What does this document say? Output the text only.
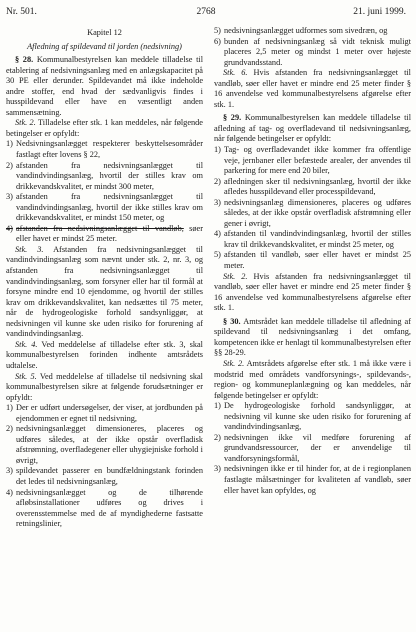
Nr. 501.	2768	21. juni 1999.

Kapitel 12

Afledning af spildevand til jorden (nedsivning)

§ 28. Kommunalbestyrelsen kan meddele tilladelse til etablering af nedsivningsanlæg med en anlægskapacitet på 30 PE eller derunder. Spildevandet må ikke indeholde andre stoffer, end hvad der sædvanligvis findes i husspildevand eller have en væsentligt anden sammensætning.

Stk. 2. Tilladelse efter stk. 1 kan meddeles, når følgende betingelser er opfyldt:

1) Nedsivningsanlægget respekterer beskyttelsesområder fastlagt efter lovens § 22,
2) afstanden fra nedsivningsanlægget til vandindvindingsanlæg, hvortil der stilles krav om drikkevandskvalitet, er mindst 300 meter,
3) afstanden fra nedsivningsanlægget til vandindvindingsanlæg, hvortil der ikke stilles krav om drikkevandskvalitet, er mindst 150 meter, og
4) afstanden fra nedsivningsanlægget til vandløb, søer eller havet er mindst 25 meter.

Stk. 3. Afstanden fra nedsivningsanlægget til vandindvindingsanlæg som nævnt under stk. 2, nr. 3, og afstanden fra nedsivningsanlægget til vandindvindingsanlæg, som forsyner eller har til formål at forsyne mindre end 10 ejendomme, og hvortil der stilles krav om drikkevandskvalitet, kan nedsættes til 75 meter, når de hydrogeologiske forhold sandsynliggør, at nedsivningen vil kunne ske uden risiko for forurening af vandindvindingsanlæg.

Stk. 4. Ved meddelelse af tilladelse efter stk. 3, skal kommunalbestyrelsen forinden indhente amtsrådets udtalelse.

Stk. 5. Ved meddelelse af tilladelse til nedsivning skal kommunalbestyrelsen sikre at følgende forudsætninger er opfyldt:

1) Der er udført undersøgelser, der viser, at jordbunden på ejendommen er egnet til nedsivning,
2) nedsivningsanlægget dimensioneres, placeres og udføres således, at der ikke opstår overfladisk afstrømning, overfladegener eller uhygiejniske forhold i øvrigt,
3) spildevandet passerer en bundfældningstank forinden det ledes til nedsivningsanlæg,
4) nedsivningsanlægget og de tilhørende afløbsinstallationer udføres og drives i overensstemmelse med de af myndighederne fastsatte retningslinier,
5) nedsivningsanlægget udformes som sivedræn, og
6) bunden af nedsivningsanlæg så vidt teknisk muligt placeres 2,5 meter og mindst 1 meter over højeste grundvandsstand.

Stk. 6. Hvis afstanden fra nedsivningsanlægget til vandløb, søer eller havet er mindre end 25 meter finder § 16 anvendelse ved kommunalbestyrelsens afgørelse efter stk. 1.

§ 29. Kommunalbestyrelsen kan meddele tilladelse til afledning af tag- og overfladevand til nedsivningsanlæg, når følgende betingelser er opfyldt:

1) Tag- og overfladevandet ikke kommer fra offentlige veje, jernbaner eller befæstede arealer, der anvendes til parkering for mere end 20 biler,
2) afledningen sker til nedsivningsanlæg, hvortil der ikke afledes husspildevand eller processpildevand,
3) nedsivningsanlæg dimensioneres, placeres og udføres således, at der ikke opstår overfladisk afstrømning eller gener i øvrigt,
4) afstanden til vandindvindingsanlæg, hvortil der stilles krav til drikkevandskvalitet, er mindst 25 meter, og
5) afstanden til vandløb, søer eller havet er mindst 25 meter.

Stk. 2. Hvis afstanden fra nedsivningsanlægget til vandløb, søer eller havet er mindre end 25 meter finder § 16 anvendelse ved kommunalbestyrelsens afgørelse efter stk. 1.

§ 30. Amtsrådet kan meddele tilladelse til afledning af spildevand til nedsivningsanlæg i det omfang, kompetencen ikke er henlagt til kommunalbestyrelsen efter §§ 28-29.

Stk. 2. Amtsrådets afgørelse efter stk. 1 må ikke være i modstrid med områdets vandforsynings-, spildevands-, region- og kommuneplanlægning og kan meddeles, når følgende betingelser er opfyldt:

1) De hydrogeologiske forhold sandsynliggør, at nedsivning vil kunne ske uden risiko for forurening af vandindvindingsanlæg,
2) nedsivningen ikke vil medføre forurening af grundvandsressourcer, der er anvendelige til vandforsyningsformål,
3) nedsivningen ikke er til hinder for, at de i regionplanen fastlagte målsætninger for kvaliteten af vandløb, søer eller havet kan opfyldes, og
